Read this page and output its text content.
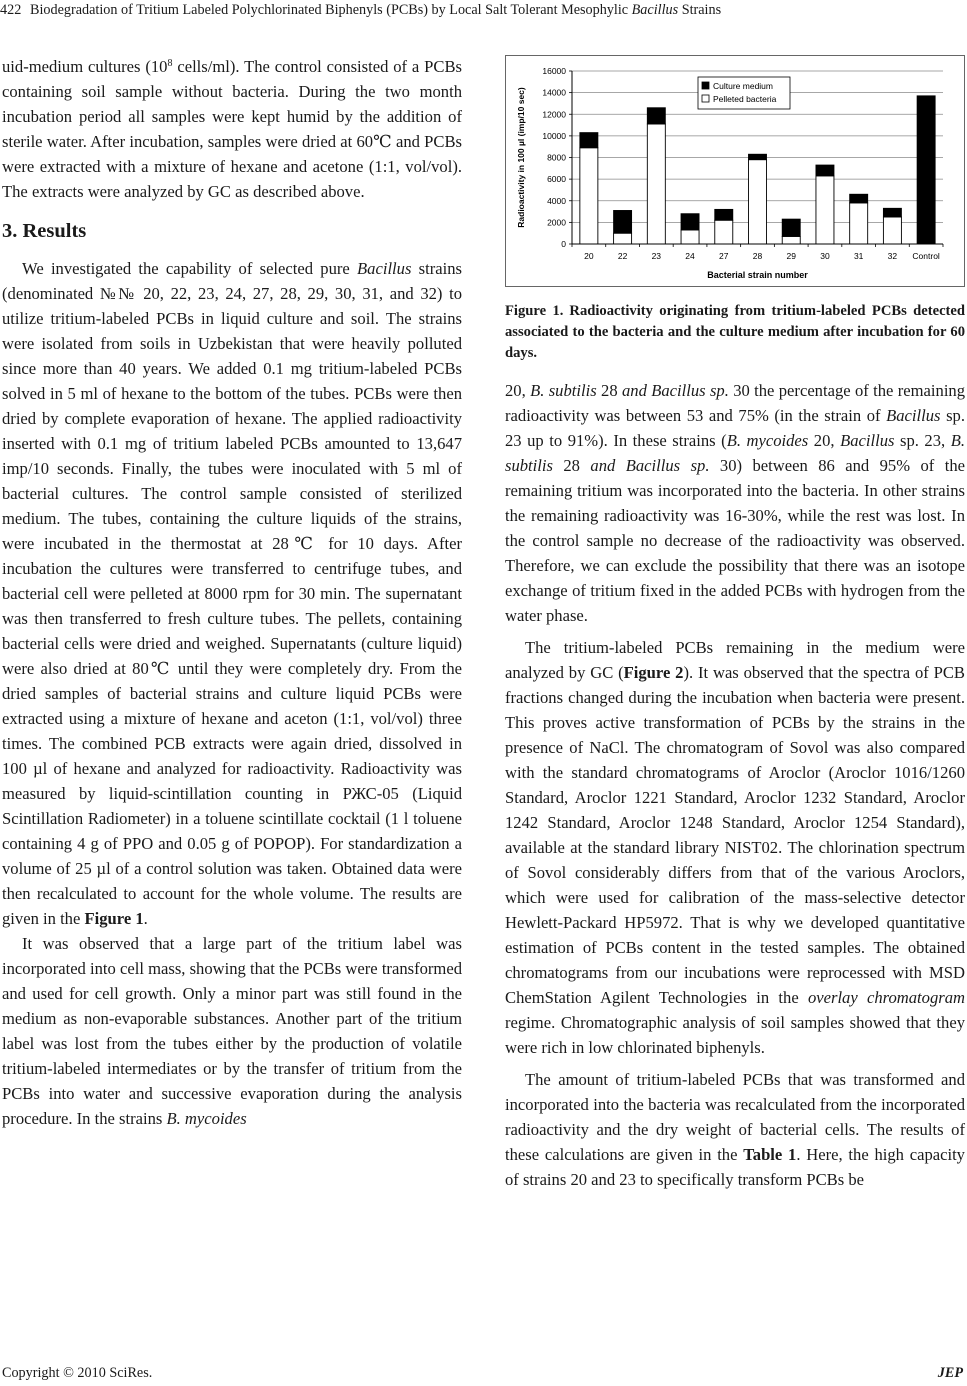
422 Biodegradation of Tritium Labeled Polychlorinated Biphenyls (PCBs) by Local Salt Tolerant Mesophylic Bacillus Strains

uid-medium cultures ($10^8$ cells/ml). The control consisted of a PCBs containing soil sample without bacteria. During the two month incubation period all samples were kept humid by the addition of sterile water. After incubation, samples were dried at 60℃ and PCBs were extracted with a mixture of hexane and acetone (1:1, vol/vol). The extracts were analyzed by GC as described above.

3. Results

We investigated the capability of selected pure Bacillus strains (denominated №№ 20, 22, 23, 24, 27, 28, 29, 30, 31, and 32) to utilize tritium-labeled PCBs in liquid culture and soil. The strains were isolated from soils in Uzbekistan that were heavily polluted since more than 40 years. We added 0.1 mg tritium-labeled PCBs solved in 5 ml of hexane to the bottom of the tubes. PCBs were then dried by complete evaporation of hexane. The applied radioactivity inserted with 0.1 mg of tritium labeled PCBs amounted to 13,647 imp/10 seconds. Finally, the tubes were inoculated with 5 ml of bacterial cultures. The control sample consisted of sterilized medium. The tubes, containing the culture liquids of the strains, were incubated in the thermostat at 28℃ for 10 days. After incubation the cultures were transferred to centrifuge tubes, and bacterial cell were pelleted at 8000 rpm for 30 min. The supernatant was then transferred to fresh culture tubes. The pellets, containing bacterial cells were dried and weighed. Supernatants (culture liquid) were also dried at 80℃ until they were completely dry. From the dried samples of bacterial strains and culture liquid PCBs were extracted using a mixture of hexane and aceton (1:1, vol/vol) three times. The combined PCB extracts were again dried, dissolved in 100 µl of hexane and analyzed for radioactivity. Radioactivity was measured by liquid-scintillation counting in РЖС-05 (Liquid Scintillation Radiometer) in a toluene scintillate cocktail (1 l toluene containing 4 g of PPO and 0.05 g of POPOP). For standardization a volume of 25 µl of a control solution was taken. Obtained data were then recalculated to account for the whole volume. The results are given in the Figure 1.

It was observed that a large part of the tritium label was incorporated into cell mass, showing that the PCBs were transformed and used for cell growth. Only a minor part was still found in the medium as non-evaporable substances. Another part of the tritium label was lost from the tubes either by the production of volatile tritium-labeled intermediates or by the transfer of tritium from the PCBs into water and successive evaporation during the analysis procedure. In the strains B. mycoides

0
2000
4000
6000
8000
10000
12000
14000
16000
20	22	23	24	27	28	29	30	31	32 Control
Radioactivity in 100 µl (imp/10 sec)
Bacterial strain number
Culture medium
Pelleted bacteria
Figure 1. Radioactivity originating from tritium-labeled PCBs detected associated to the bacteria and the culture medium after incubation for 60 days.

20, B. subtilis 28 and Bacillus sp. 30 the percentage of the remaining radioactivity was between 53 and 75% (in the strain of Bacillus sp. 23 up to 91%). In these strains (B. mycoides 20, Bacillus sp. 23, B. subtilis 28 and Bacillus sp. 30) between 86 and 95% of the remaining tritium was incorporated into the bacteria. In other strains the remaining radioactivity was 16-30%, while the rest was lost. In the control sample no decrease of the radioactivity was observed. Therefore, we can exclude the possibility that there was an isotope exchange of tritium fixed in the added PCBs with hydrogen from the water phase.

The tritium-labeled PCBs remaining in the medium were analyzed by GC (Figure 2). It was observed that the spectra of PCB fractions changed during the incubation when bacteria were present. This proves active transformation of PCBs by the strains in the presence of NaCl. The chromatogram of Sovol was also compared with the standard chromatograms of Aroclor (Aroclor 1016/1260 Standard, Aroclor 1221 Standard, Aroclor 1232 Standard, Aroclor 1242 Standard, Aroclor 1248 Standard, Aroclor 1254 Standard), available at the standard library NIST02. The chlorination spectrum of Sovol considerably differs from that of the various Aroclors, which were used for calibration of the mass-selective detector Hewlett-Packard HP5972. That is why we developed quantitative estimation of PCBs content in the tested samples. The obtained chromatograms from our incubations were reprocessed with MSD ChemStation Agilent Technologies in the overlay chromatogram regime. Chromatographic analysis of soil samples showed that they were rich in low chlorinated biphenyls.

The amount of tritium-labeled PCBs that was transformed and incorporated into the bacteria was recalculated from the incorporated radioactivity and the dry weight of bacterial cells. The results of these calculations are given in the Table 1. Here, the high capacity of strains 20 and 23 to specifically transform PCBs be

Copyright © 2010 SciRes.	JEP
